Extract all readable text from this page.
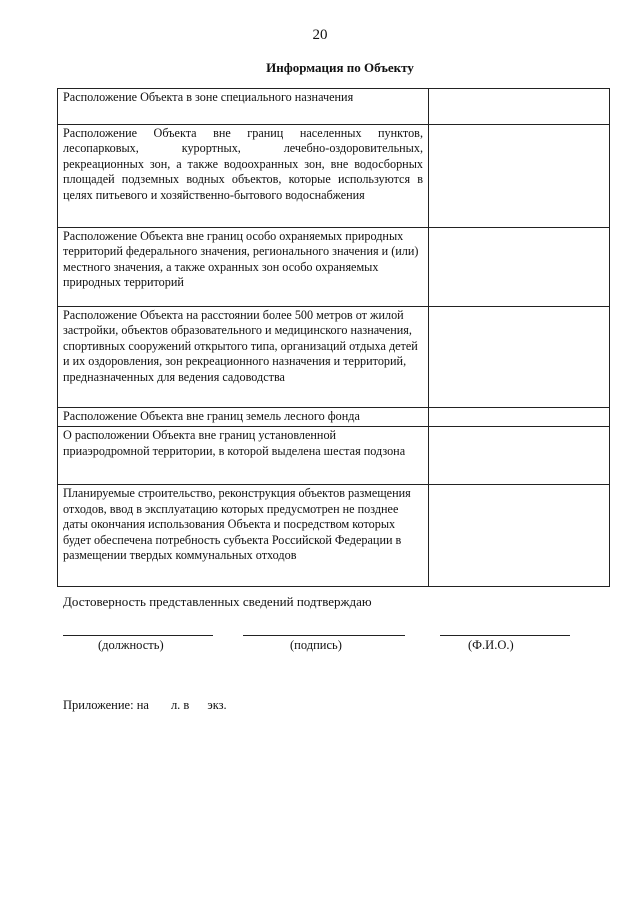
20
Информация по Объекту
Расположение Объекта в зоне специального назначения	
Расположение Объекта вне границ населенных пунктов, лесопарковых, курортных, лечебно-оздоровительных, рекреационных зон, а также водоохранных зон, вне водосборных площадей подземных водных объектов, которые используются в целях питьевого и хозяйственно-бытового водоснабжения	
Расположение Объекта вне границ особо охраняемых природных территорий федерального значения, регионального значения и (или) местного значения, а также охранных зон особо охраняемых природных территорий	
Расположение Объекта на расстоянии более 500 метров от жилой застройки, объектов образовательного и медицинского назначения, спортивных сооружений открытого типа, организаций отдыха детей и их оздоровления, зон рекреационного назначения и территорий, предназначенных для ведения садоводства	
Расположение Объекта вне границ земель лесного фонда	
О расположении Объекта вне границ установленной приаэродромной территории, в которой выделена шестая подзона	
Планируемые строительство, реконструкция объектов размещения отходов, ввод в эксплуатацию которых предусмотрен не позднее даты окончания использования Объекта и посредством которых будет обеспечена потребность субъекта Российской Федерации в размещении твердых коммунальных отходов	
Достоверность представленных сведений подтверждаю
(должность)	(подпись)	(Ф.И.О.)
Приложение: на л. в экз.
